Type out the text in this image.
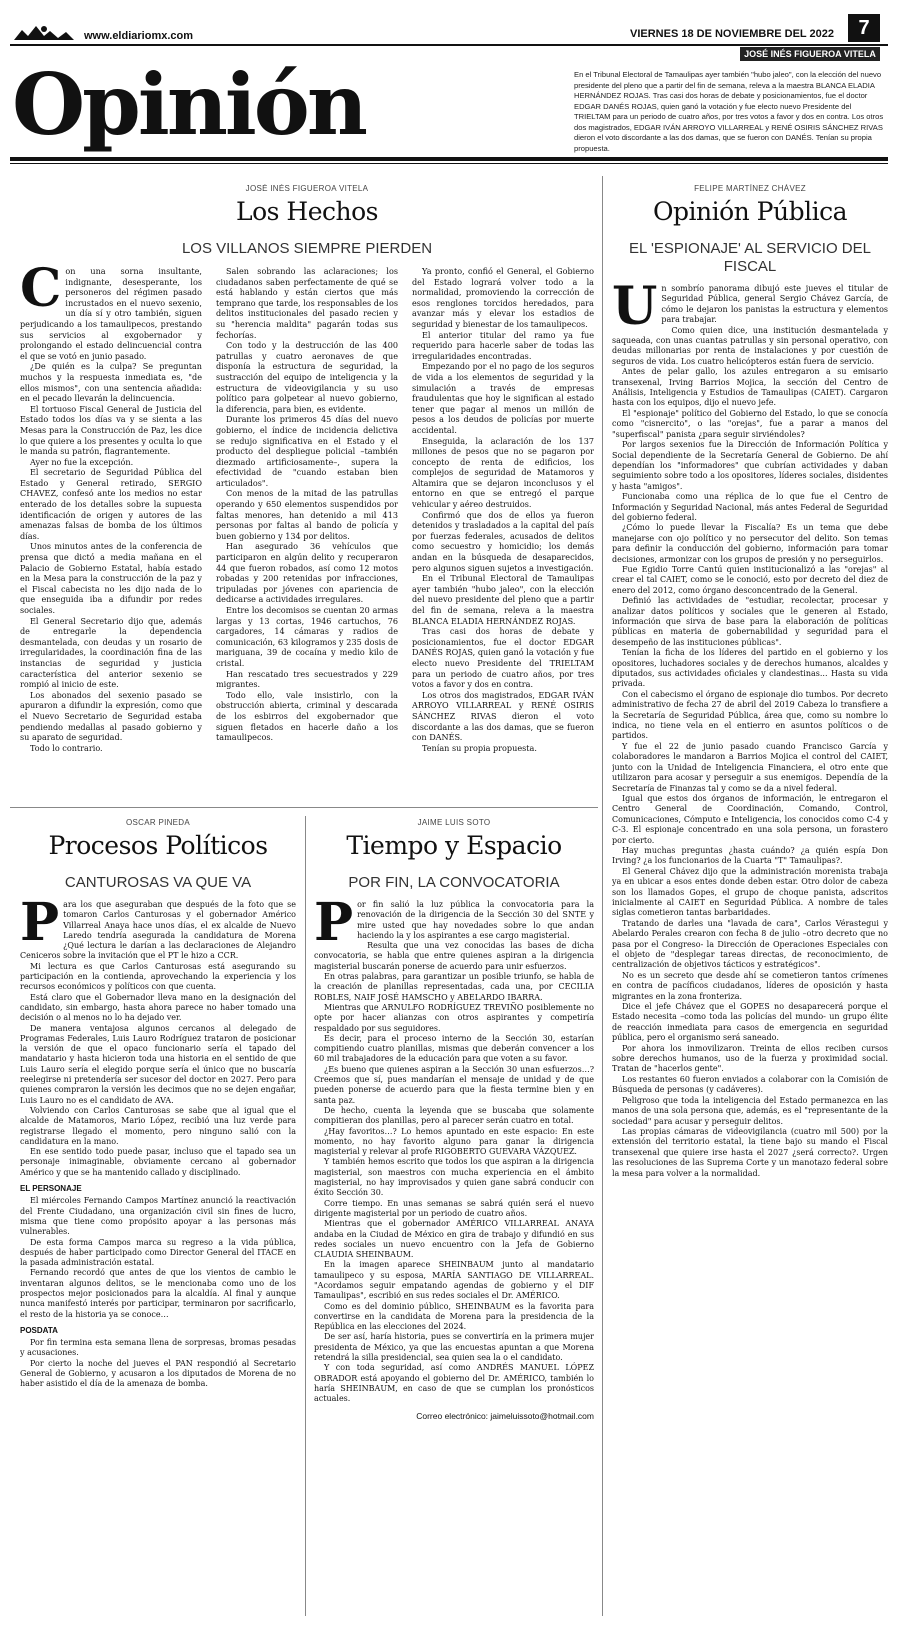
www.eldiariomx.com	VIERNES 18 DE NOVIEMBRE DEL 2022	7
JOSÉ INÉS FIGUEROA VITELA
Opinión	En el Tribunal Electoral de Tamaulipas ayer también "hubo jaleo", con la elección del nuevo presidente del pleno que a partir del fin de semana, releva a la maestra BLANCA ELADIA HERNÁNDEZ ROJAS. Tras casi dos horas de debate y posicionamientos, fue el doctor EDGAR DANÉS ROJAS, quien ganó la votación y fue electo nuevo Presidente del TRIELTAM para un periodo de cuatro años, por tres votos a favor y dos en contra. Los otros dos magistrados, EDGAR IVÁN ARROYO VILLARREAL y RENÉ OSIRIS SÁNCHEZ RIVAS dieron el voto discordante a las dos damas, que se fueron con DANÉS. Tenían su propia propuesta.
JOSÉ INÉS FIGUEROA VITELA
Los Hechos
LOS VILLANOS SIEMPRE PIERDEN

Con una sorna insultante, indignante, desesperante, los personeros del régimen pasado incrustados en el nuevo sexenio, un día sí y otro también, siguen perjudicando a los tamaulipecos, prestando sus servicios al exgobernador y prolongando el estado delincuencial contra el que se votó en junio pasado.

¿De quién es la culpa? Se preguntan muchos y la respuesta inmediata es, "de ellos mismos", con una sentencia añadida: en el pecado llevarán la delincuencia.

El tortuoso Fiscal General de Justicia del Estado todos los días va y se sienta a las Mesas para la Construcción de Paz, les dice lo que quiere a los presentes y oculta lo que le manda su patrón, flagrantemente.

Ayer no fue la excepción.

El secretario de Seguridad Pública del Estado y General retirado, SERGIO CHAVEZ, confesó ante los medios no estar enterado de los detalles sobre la supuesta identificación de origen y autores de las amenazas falsas de bomba de los últimos días.

Unos minutos antes de la conferencia de prensa que dictó a media mañana en el Palacio de Gobierno Estatal, había estado en la Mesa para la construcción de la paz y el Fiscal cabecista no les dijo nada de lo que enseguida iba a difundir por redes sociales.

El General Secretario dijo que, además de entregarle la dependencia desmantelada, con deudas y un rosario de irregularidades, la coordinación fina de las instancias de seguridad y justicia característica del anterior sexenio se rompió al inicio de este.

Los abonados del sexenio pasado se apuraron a difundir la expresión, como que el Nuevo Secretario de Seguridad estaba pendiendo medallas al pasado gobierno y su aparato de seguridad.

Todo lo contrario.

Salen sobrando las aclaraciones; los ciudadanos saben perfectamente de qué se está hablando y están ciertos que más temprano que tarde, los responsables de los delitos institucionales del pasado recien y su "herencia maldita" pagarán todas sus fechorías.

Con todo y la destrucción de las 400 patrullas y cuatro aeronaves de que disponía la estructura de seguridad, la sustracción del equipo de inteligencia y la estructura de videovigilancia y su uso político para golpetear al nuevo gobierno, la diferencia, para bien, es evidente.

Durante los primeros 45 días del nuevo gobierno, el índice de incidencia delictiva se redujo significativa en el Estado y el producto del despliegue policial –también diezmado artificiosamente–, supera la efectividad de "cuando estaban bien articulados".

Con menos de la mitad de las patrullas operando y 650 elementos suspendidos por faltas menores, han detenido a mil 413 personas por faltas al bando de policía y buen gobierno y 134 por delitos.

Han asegurado 36 vehículos que participaron en algún delito y recuperaron 44 que fueron robados, así como 12 motos robadas y 200 retenidas por infracciones, tripuladas por jóvenes con apariencia de dedicarse a actividades irregulares.

Entre los decomisos se cuentan 20 armas largas y 13 cortas, 1946 cartuchos, 76 cargadores, 14 cámaras y radios de comunicación, 63 kilogramos y 235 dosis de mariguana, 39 de cocaína y medio kilo de cristal.

Han rescatado tres secuestrados y 229 migrantes.

Todo ello, vale insistirlo, con la obstrucción abierta, criminal y descarada de los esbirros del exgobernador que siguen fletados en hacerle daño a los tamaulipecos.

Ya pronto, confió el General, el Gobierno del Estado logrará volver todo a la normalidad, promoviendo la corrección de esos renglones torcidos heredados, para avanzar más y elevar los estadios de seguridad y bienestar de los tamaulipecos.

El anterior titular del ramo ya fue requerido para hacerle saber de todas las irregularidades encontradas.

Empezando por el no pago de los seguros de vida a los elementos de seguridad y la simulación a través de empresas fraudulentas que hoy le significan al estado tener que pagar al menos un millón de pesos a los deudos de policías por muerte accidental.

Enseguida, la aclaración de los 137 millones de pesos que no se pagaron por concepto de renta de edificios, los complejos de seguridad de Matamoros y Altamira que se dejaron inconclusos y el entorno en que se entregó el parque vehicular y aéreo destruidos.

Confirmó que dos de ellos ya fueron detenidos y trasladados a la capital del país por fuerzas federales, acusados de delitos como secuestro y homicidio; los demás andan en la búsqueda de desaparecidos, pero algunos siguen sujetos a investigación.

En el Tribunal Electoral de Tamaulipas ayer también "hubo jaleo", con la elección del nuevo presidente del pleno que a partir del fin de semana, releva a la maestra BLANCA ELADIA HERNÁNDEZ ROJAS.

Tras casi dos horas de debate y posicionamientos, fue el doctor EDGAR DANÉS ROJAS, quien ganó la votación y fue electo nuevo Presidente del TRIELTAM para un periodo de cuatro años, por tres votos a favor y dos en contra.

Los otros dos magistrados, EDGAR IVÁN ARROYO VILLARREAL y RENÉ OSIRIS SÁNCHEZ RIVAS dieron el voto discordante a las dos damas, que se fueron con DANÉS.

Tenían su propia propuesta.

FELIPE MARTÍNEZ CHÁVEZ
Opinión Pública
EL 'ESPIONAJE' AL SERVICIO DEL FISCAL

Un sombrío panorama dibujó este jueves el titular de Seguridad Pública, general Sergio Chávez García, de cómo le dejaron los panistas la estructura y elementos para trabajar.

Como quien dice, una institución desmantelada y saqueada, con unas cuantas patrullas y sin personal operativo, con deudas millonarias por renta de instalaciones y por cuestión de seguros de vida. Los cuatro helicópteros están fuera de servicio.

Antes de pelar gallo, los azules entregaron a su emisario transexenal, Irving Barrios Mojica, la sección del Centro de Análisis, Inteligencia y Estudios de Tamaulipas (CAIET). Cargaron hasta con los equipos, dijo el nuevo jefe.

El "espionaje" político del Gobierno del Estado, lo que se conocía como "cisnercito", o las "orejas", fue a parar a manos del "superfiscal" panista ¿para seguir sirviéndoles?

Por largos sexenios fue la Dirección de Información Política y Social dependiente de la Secretaría General de Gobierno. De ahí dependían los "informadores" que cubrían actividades y daban seguimiento sobre todo a los opositores, líderes sociales, disidentes y hasta "amigos".

Funcionaba como una réplica de lo que fue el Centro de Información y Seguridad Nacional, más antes Federal de Seguridad del gobierno federal.

¿Cómo lo puede llevar la Fiscalía? Es un tema que debe manejarse con ojo político y no persecutor del delito. Son temas para definir la conducción del gobierno, información para tomar decisiones, armonizar con los grupos de presión y no perseguirlos.

Fue Egidio Torre Cantú quien institucionalizó a las "orejas" al crear el tal CAIET, como se le conoció, esto por decreto del diez de enero del 2012, como órgano desconcentrado de la General.

Definió las actividades de "estudiar, recolectar, procesar y analizar datos políticos y sociales que le generen al Estado, información que sirva de base para la elaboración de políticas públicas en materia de gobernabilidad y seguridad para el desempeño de las instituciones públicas".

Tenían la ficha de los líderes del partido en el gobierno y los opositores, luchadores sociales y de derechos humanos, alcaldes y diputados, sus actividades oficiales y clandestinas... Hasta su vida privada.

Con el cabecismo el órgano de espionaje dio tumbos. Por decreto administrativo de fecha 27 de abril del 2019 Cabeza lo transfiere a la Secretaría de Seguridad Pública, área que, como su nombre lo indica, no tiene vela en el entierro en asuntos políticos o de partidos.

Y fue el 22 de junio pasado cuando Francisco García y colaboradores le mandaron a Barrios Mojica el control del CAIET, junto con la Unidad de Inteligencia Financiera, el otro ente que utilizaron para acosar y perseguir a sus enemigos. Dependía de la Secretaría de Finanzas tal y como se da a nivel federal.

Igual que estos dos órganos de información, le entregaron el Centro General de Coordinación, Comando, Control, Comunicaciones, Cómputo e Inteligencia, los conocidos como C-4 y C-3. El espionaje concentrado en una sola persona, un forastero por cierto.

Hay muchas preguntas ¿hasta cuándo? ¿a quién espía Don Irving? ¿a los funcionarios de la Cuarta "T" Tamaulipas?.

El General Chávez dijo que la administración morenista trabaja ya en ubicar a esos entes donde deben estar. Otro dolor de cabeza son los llamados Gopes, el grupo de choque panista, adscritos inicialmente al CAIET en Seguridad Pública. A nombre de tales siglas cometieron tantas barbaridades.

Tratando de darles una "lavada de cara", Carlos Vérastegui y Abelardo Perales crearon con fecha 8 de julio –otro decreto que no pasa por el Congreso- la Dirección de Operaciones Especiales con el objeto de "desplegar tareas directas, de reconocimiento, de centralización de objetivos tácticos y estratégicos".

No es un secreto que desde ahí se cometieron tantos crímenes en contra de pacíficos ciudadanos, líderes de oposición y hasta migrantes en la zona fronteriza.

Dice el jefe Chávez que el GOPES no desaparecerá porque el Estado necesita –como toda las policías del mundo- un grupo élite de reacción inmediata para casos de emergencia en seguridad pública, pero el organismo será saneado.

Por ahora los inmovilizaron. Treinta de ellos reciben cursos sobre derechos humanos, uso de la fuerza y proximidad social. Tratan de "hacerlos gente".

Los restantes 60 fueron enviados a colaborar con la Comisión de Búsqueda de personas (y cadáveres).

Peligroso que toda la inteligencia del Estado permanezca en las manos de una sola persona que, además, es el "representante de la sociedad" para acusar y perseguir delitos.

Las propias cámaras de videovigilancia (cuatro mil 500) por la extensión del territorio estatal, la tiene bajo su mando el Fiscal transexenal que quiere irse hasta el 2027 ¿será correcto?. Urgen las resoluciones de las Suprema Corte y un manotazo federal sobre la mesa para volver a la normalidad.

OSCAR PINEDA
Procesos Políticos
CANTUROSAS VA QUE VA

Para los que aseguraban que después de la foto que se tomaron Carlos Canturosas y el gobernador Américo Villarreal Anaya hace unos días, el ex alcalde de Nuevo Laredo tendría asegurada la candidatura de Morena ¿Qué lectura le darían a las declaraciones de Alejandro Ceniceros sobre la invitación que el PT le hizo a CCR.

Mi lectura es que Carlos Canturosas está asegurando su participación en la contienda, aprovechando la experiencia y los recursos económicos y políticos con que cuenta.

Está claro que el Gobernador lleva mano en la designación del candidato, sin embargo, hasta ahora parece no haber tomado una decisión o al menos no lo ha dejado ver.

De manera ventajosa algunos cercanos al delegado de Programas Federales, Luis Lauro Rodríguez trataron de posicionar la versión de que el opaco funcionario sería el tapado del mandatario y hasta hicieron toda una historia en el sentido de que Luis Lauro sería el elegido porque sería el único que no buscaría reelegirse ni pretendería ser sucesor del doctor en 2027. Pero para quienes compraron la versión les decimos que no se dejen engañar, Luis Lauro no es el candidato de AVA.

Volviendo con Carlos Canturosas se sabe que al igual que el alcalde de Matamoros, Mario López, recibió una luz verde para registrarse llegado el momento, pero ninguno salió con la candidatura en la mano.

En ese sentido todo puede pasar, incluso que el tapado sea un personaje inimaginable, obviamente cercano al gobernador Américo y que se ha mantenido callado y disciplinado.

EL PERSONAJE

El miércoles Fernando Campos Martínez anunció la reactivación del Frente Ciudadano, una organización civil sin fines de lucro, misma que tiene como propósito apoyar a las personas más vulnerables.

De esta forma Campos marca su regreso a la vida pública, después de haber participado como Director General del ITACE en la pasada administración estatal.

Fernando recordó que antes de que los vientos de cambio le inventaran algunos delitos, se le mencionaba como uno de los prospectos mejor posicionados para la alcaldía. Al final y aunque nunca manifestó interés por participar, terminaron por sacrificarlo, el resto de la historia ya se conoce…

POSDATA

Por fin termina esta semana llena de sorpresas, bromas pesadas y acusaciones.

Por cierto la noche del jueves el PAN respondió al Secretario General de Gobierno, y acusaron a los diputados de Morena de no haber asistido el día de la amenaza de bomba.

JAIME LUIS SOTO
Tiempo y Espacio
POR FIN, LA CONVOCATORIA

Por fin salió la luz pública la convocatoria para la renovación de la dirigencia de la Sección 30 del SNTE y mire usted que hay novedades sobre lo que andan haciendo la y los aspirantes a ese cargo magisterial.

Resulta que una vez conocidas las bases de dicha convocatoria, se habla que entre quienes aspiran a la dirigencia magisterial buscarán ponerse de acuerdo para unir esfuerzos.

En otras palabras, para garantizar un posible triunfo, se habla de la creación de planillas representadas, cada una, por CECILIA ROBLES, NAIF JOSÉ HAMSCHO y ABELARDO IBARRA.

Mientras que ARNULFO RODRÍGUEZ TREVIÑO posiblemente no opte por hacer alianzas con otros aspirantes y competiría respaldado por sus seguidores.

Es decir, para el proceso interno de la Sección 30, estarían compitiendo cuatro planillas, mismas que deberán convencer a los 60 mil trabajadores de la educación para que voten a su favor.

¿Es bueno que quienes aspiran a la Sección 30 unan esfuerzos…? Creemos que sí, pues mandarían el mensaje de unidad y de que pueden ponerse de acuerdo para que la fiesta termine bien y en santa paz.

De hecho, cuenta la leyenda que se buscaba que solamente compitieran dos planillas, pero al parecer serán cuatro en total.

¿Hay favoritos…? Lo hemos apuntado en este espacio: En este momento, no hay favorito alguno para ganar la dirigencia magisterial y relevar al profe RIGOBERTO GUEVARA VÁZQUEZ.

Y también hemos escrito que todos los que aspiran a la dirigencia magisterial, son maestros con mucha experiencia en el ámbito magisterial, no hay improvisados y quien gane sabrá conducir con éxito Sección 30.

Corre tiempo. En unas semanas se sabrá quién será el nuevo dirigente magisterial por un periodo de cuatro años.

Mientras que el gobernador AMÉRICO VILLARREAL ANAYA andaba en la Ciudad de México en gira de trabajo y difundió en sus redes sociales un nuevo encuentro con la Jefa de Gobierno CLAUDIA SHEINBAUM.

En la imagen aparece SHEINBAUM junto al mandatario tamaulipeco y su esposa, MARÍA SANTIAGO DE VILLARREAL. "Acordamos seguir empatando agendas de gobierno y el DIF Tamaulipas", escribió en sus redes sociales el Dr. AMÉRICO.

Como es del dominio público, SHEINBAUM es la favorita para convertirse en la candidata de Morena para la presidencia de la República en las elecciones del 2024.

De ser así, haría historia, pues se convertiría en la primera mujer presidenta de México, ya que las encuestas apuntan a que Morena retendrá la silla presidencial, sea quien sea la o el candidato.

Y con toda seguridad, así como ANDRÉS MANUEL LÓPEZ OBRADOR está apoyando el gobierno del Dr. AMÉRICO, también lo haría SHEINBAUM, en caso de que se cumplan los pronósticos actuales.

Correo electrónico: jaimeluissoto@hotmail.com
